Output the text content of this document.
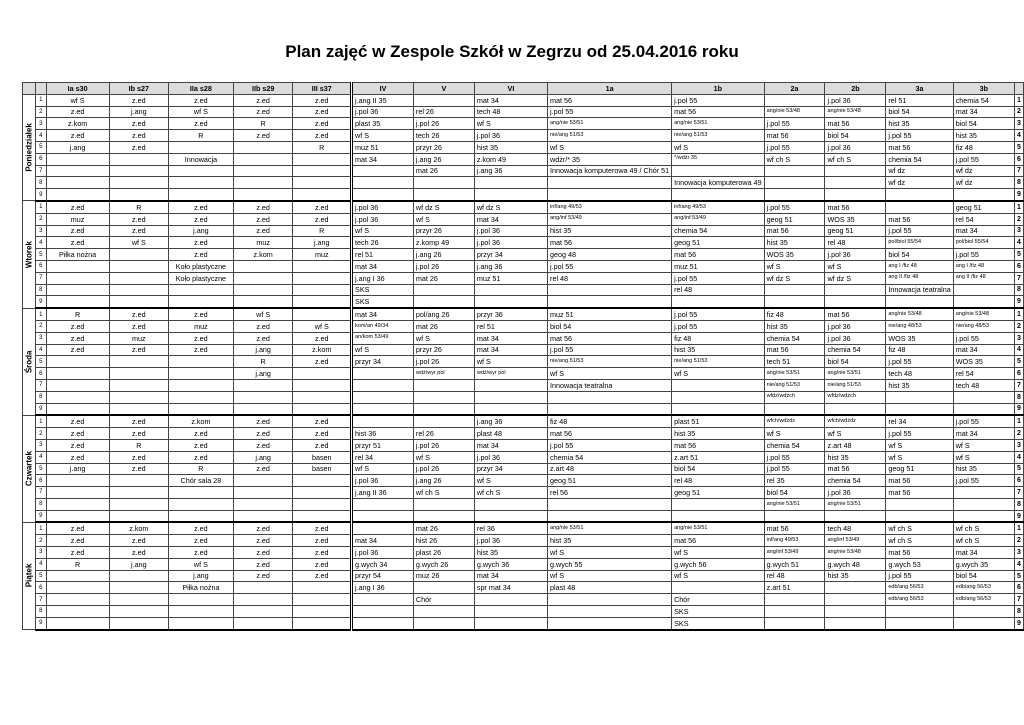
Plan zajęć w Zespole Szkół w Zegrzu od 25.04.2016 roku
		Ia s30	Ib s27	IIa s28	IIb s29	III s37	IV	V	VI	1a	1b	2a	2b	3a	3b	
Poniedziałek	1	wf S	z.ed	z.ed	z.ed	z.ed	j.ang II 35		mat 34	mat 56	j.pol 55		j.pol 36	rel 51	chemia 54	1
	2	z.ed	j.ang	wf S	z.ed	z.ed	j.pol 36	rel 26	tech 48	j.pol 55	mat 56	ang/nie 53/48	ang/nie 53/48	biol 54	mat 34	2
	3	z.kom	z.ed	z.ed	R	z.ed	plast 35	j.pol 26	wf S	ang/nie 53/51	ang/nie 53/51	j.pol 55	mat 56	hist 35	biol 54	3
	4	z.ed	z.ed	R	z.ed	z.ed	wf S	tech 26	j.pol 36	nie/ang 51/53	nie/ang 51/53	mat 56	biol 54	j.pol 55	hist 35	4
	5	j.ang	z.ed			R	muz 51	przyr 26	hist 35	wf S	wf S	j.pol 55	j.pol 36	mat 56	fiz 48	5
	6			Innowacja			mat 34	j.ang 26	z.kom 49	wdżr/* 35	*/wdżr 35	wf ch S	wf ch S	chemia 54	j.pol 55	6
	7							mat 26	j.ang 36	Innowacja komputerowa 49 / Chór 51				wf dz	wf dz	7
	8										Innowacja komputerowa 49			wf dz	wf dz	8
	9															9
Wtorek	1	z.ed	R	z.ed	z.ed	z.ed	j.pol 36	wf dz S	wf dz S	inf/ang 49/53	inf/ang 49/53	j.pol 55	mat 56		geog 51	1
	2	muz	z.ed	z.ed	z.ed	z.ed	j.pol 36	wf S	mat 34	ang/inf 53/49	ang/inf 53/49	geog 51	WOS 35	mat 56	rel 54	2
	3	z.ed	z.ed	j.ang	z.ed	R	wf S	przyr 26	j.pol 36	hist 35	chemia 54	mat 56	geog 51	j.pol 55	mat 34	3
	4	z.ed	wf S	z.ed	muz	j.ang	tech 26	z.komp 49	j.pol 36	mat 56	geog 51	hist 35	rel 48	pol/biol 55/54	pol/biol 55/54	4
	5	Piłka nożna		z.ed	z.kom	muz	rel 51	j.ang 26	przyr 34	geog 48	mat 56	WOS 35	j.pol 36	biol 54	j.pol 55	5
	6			Koło plastyczne			mat 34	j.pol 26	j.ang 36	j.pol 55	muz 51	wf S	wf S	ang I /fiz 48	ang I /fiz 48	6
	7			Koło plastyczne			j.ang I 36	mat 26	muz 51	rel 48	j.pol 55	wf dz S	wf dz S	ang II /fiz 48	ang II /fiz 48	7
	8						SKS				rel 48			Innowacja teatralna		8
	9						SKS									9
Środa	1	R	z.ed	z.ed	wf S		mat 34	pol/ang 26	przyr 36	muz 51	j.pol 55	fiz 48	mat 56	ang/nie 53/48	ang/nie 53/48	1
	2	z.ed	z.ed	muz	z.ed	wf S	kom/an 49/34	mat 26	rel 51	biol 54	j.pol 55	hist 35	j.pol 36	nie/ang 48/53	nie/ang 48/53	2
	3	z.ed	muz	z.ed	z.ed	z.ed	an/kom 53/49	wf S	mat 34	mat 56	fiz 48	chemia 54	j.pol 36	WOS 35	j.pol 55	3
	4	z.ed	z.ed	z.ed	j.ang	z.kom	wf S	przyr 26	mat 34	j.pol 55	hist 35	mat 56	chemia 54	fiz 48	mat 34	4
	5				R	z.ed	przyr 34	j.pol 26	wf S	nie/ang 51/53	nie/ang 51/53	tech 51	biol 54	j.pol 55	WOS 35	5
	6				j.ang			wdż/wyr pol	wdż/wyr pol	wf S	wf S	ang/nie 53/51	ang/nie 53/51	tech 48	rel 54	6
	7									Innowacja teatralna		nie/ang 51/53	nie/ang 51/53	hist 35	tech 48	7
	8											wfdz/wdżch	wfdz/wdżch			8
	9															9
Czwartek	1	z.ed	z.ed	z.kom	z.ed	z.ed			j.ang 36	fiz 48	plast 51	wfch/wdżdz	wfch/wdżdz	rel 34	j.pol 55	1
	2	z.ed	z.ed	z.ed	z.ed	z.ed	hist 36	rel 26	plast 48	mat 56	hist 35	wf S	wf S	j.pol 55	mat 34	2
	3	z.ed	R	z.ed	z.ed	z.ed	przyr 51	j.pol 26	mat 34	j.pol 55	mat 56	chemia 54	z.art 48	wf S	wf S	3
	4	z.ed	z.ed	z.ed	j.ang	basen	rel 34	wf S	j.pol 36	chemia 54	z.art 51	j.pol 55	hist 35	wf S	wf S	4
	5	j.ang	z.ed	R	z.ed	basen	wf S	j.pol 26	przyr 34	z.art 48	biol 54	j.pol 55	mat 56	geog 51	hist 35	5
	6			Chór sala 28			j.pol 36	j.ang 26	wf S	geog 51	rel 48	rel 35	chemia 54	mat 56	j.pol 55	6
	7						j.ang II 36	wf ch S	wf ch S	rel 56	geog 51	biol 54	j.pol 36	mat 56		7
	8											ang/nie 53/51	ang/nie 53/51			8
	9															9
Piątek	1	z.ed	z.kom	z.ed	z.ed	z.ed		mat 26	rel 36	ang/nie 53/51	ang/nie 53/51	mat 56	tech 48	wf ch S	wf ch S	1
	2	z.ed	z.ed	z.ed	z.ed	z.ed	mat 34	hist 26	j.pol 36	hist 35	mat 56	inf/ang 49/53	ang/inf 53/49	wf ch S	wf ch S	2
	3	z.ed	z.ed	z.ed	z.ed	z.ed	j.pol 36	plast 26	hist 35	wf S	wf S	ang/inf 53/49	ang/nie 53/48	mat 56	mat 34	3
	4	R	j.ang	wf S	z.ed	z.ed	g.wych 34	g.wych 26	g.wych 36	g.wych 55	g.wych 56	g.wych 51	g.wych 48	g.wych 53	g.wych 35	4
	5			j.ang	z.ed	z.ed	przyr 54	muz 26	mat 34	wf S	wf S	rel 48	hist 35	j.pol 55	biol 54	5
	6			Piłka nożna			j.ang I 36		spr mat 34	plast 48		z.art 51		edb/ang 56/53	edb/ang 56/53	6
	7							Chór			Chór			edb/ang 56/53	edb/ang 56/53	7
	8										SKS					8
	9										SKS					9
